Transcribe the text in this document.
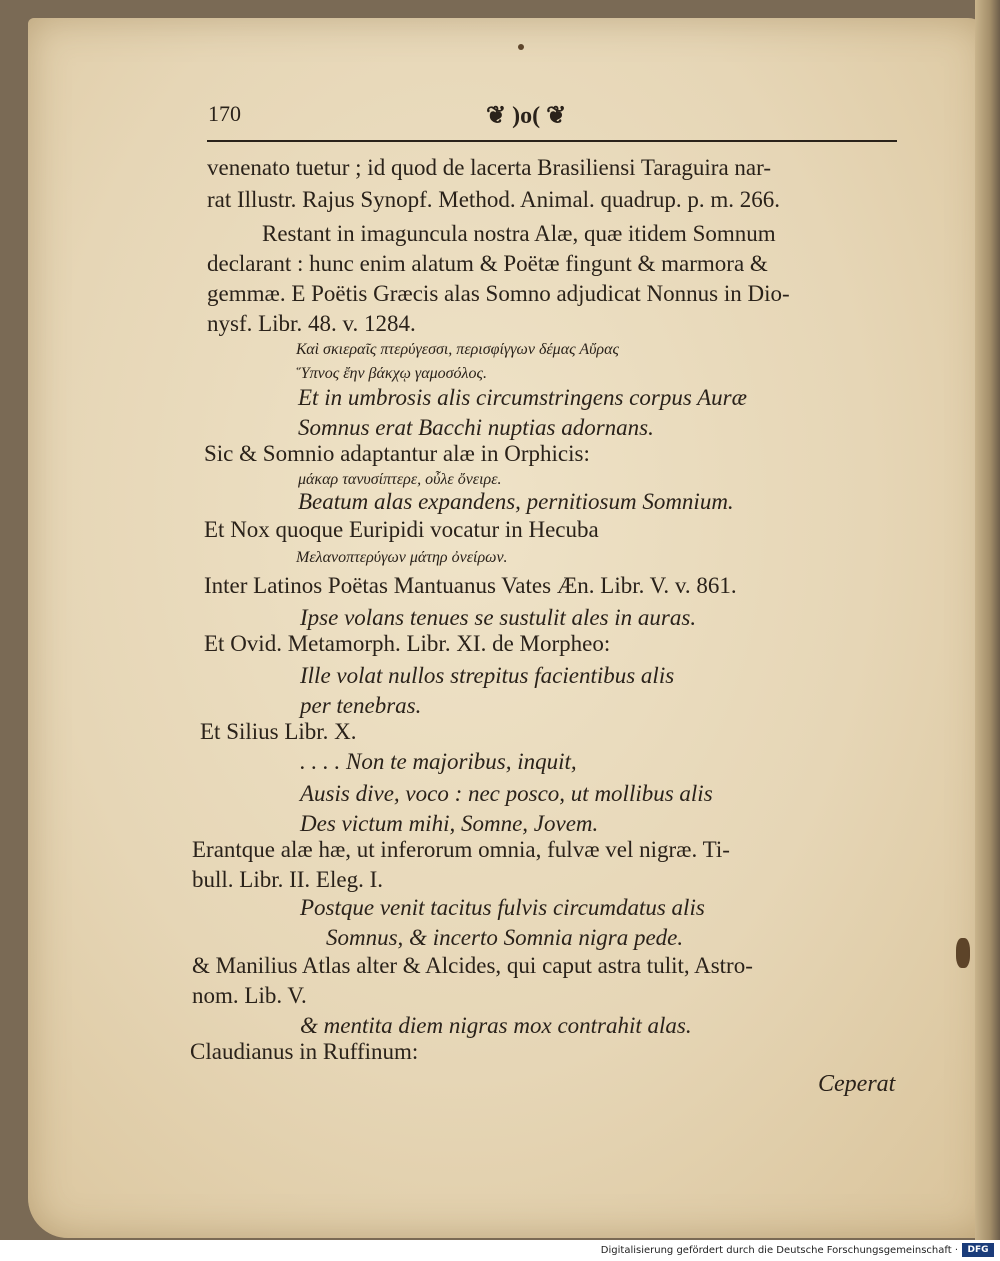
170	❦ )o( ❦
venenato tuetur ; id quod de lacerta Brasiliensi Taraguira nar-
rat Illustr. Rajus Synopf. Method. Animal. quadrup. p. m. 266.
Restant in imaguncula nostra Alæ, quæ itidem Somnum
declarant : hunc enim alatum & Poëtæ fingunt & marmora &
gemmæ. E Poëtis Græcis alas Somno adjudicat Nonnus in Dio-
nysf. Libr. 48. v. 1284.
Καὶ σκιεραῖς πτερύγεσσι, περισφίγγων δέμας Αὔρας
Ὕπνος ἔην βάκχῳ γαμοσόλος.
Et in umbrosis alis circumstringens corpus Auræ
Somnus erat Bacchi nuptias adornans.
Sic & Somnio adaptantur alæ in Orphicis:
μάκαρ τανυσίπτερε, οὖλε ὄνειρε.
Beatum alas expandens, pernitiosum Somnium.
Et Nox quoque Euripidi vocatur in Hecuba
Μελανοπτερύγων μάτηρ ὀνείρων.
Inter Latinos Poëtas Mantuanus Vates Æn. Libr. V. v. 861.
Ipse volans tenues se sustulit ales in auras.
Et Ovid. Metamorph. Libr. XI. de Morpheo:
Ille volat nullos strepitus facientibus alis
per tenebras.
Et Silius Libr. X.
. . . . Non te majoribus, inquit,
Ausis dive, voco : nec posco, ut mollibus alis
Des victum mihi, Somne, Jovem.
Erantque alæ hæ, ut inferorum omnia, fulvæ vel nigræ. Ti-
bull. Libr. II. Eleg. I.
Postque venit tacitus fulvis circumdatus alis
Somnus, & incerto Somnia nigra pede.
& Manilius Atlas alter & Alcides, qui caput astra tulit, Astro-
nom. Lib. V.
& mentita diem nigras mox contrahit alas.
Claudianus in Ruffinum:
Ceperat
Digitalisierung gefördert durch die Deutsche Forschungsgemeinschaft ·	DFG
